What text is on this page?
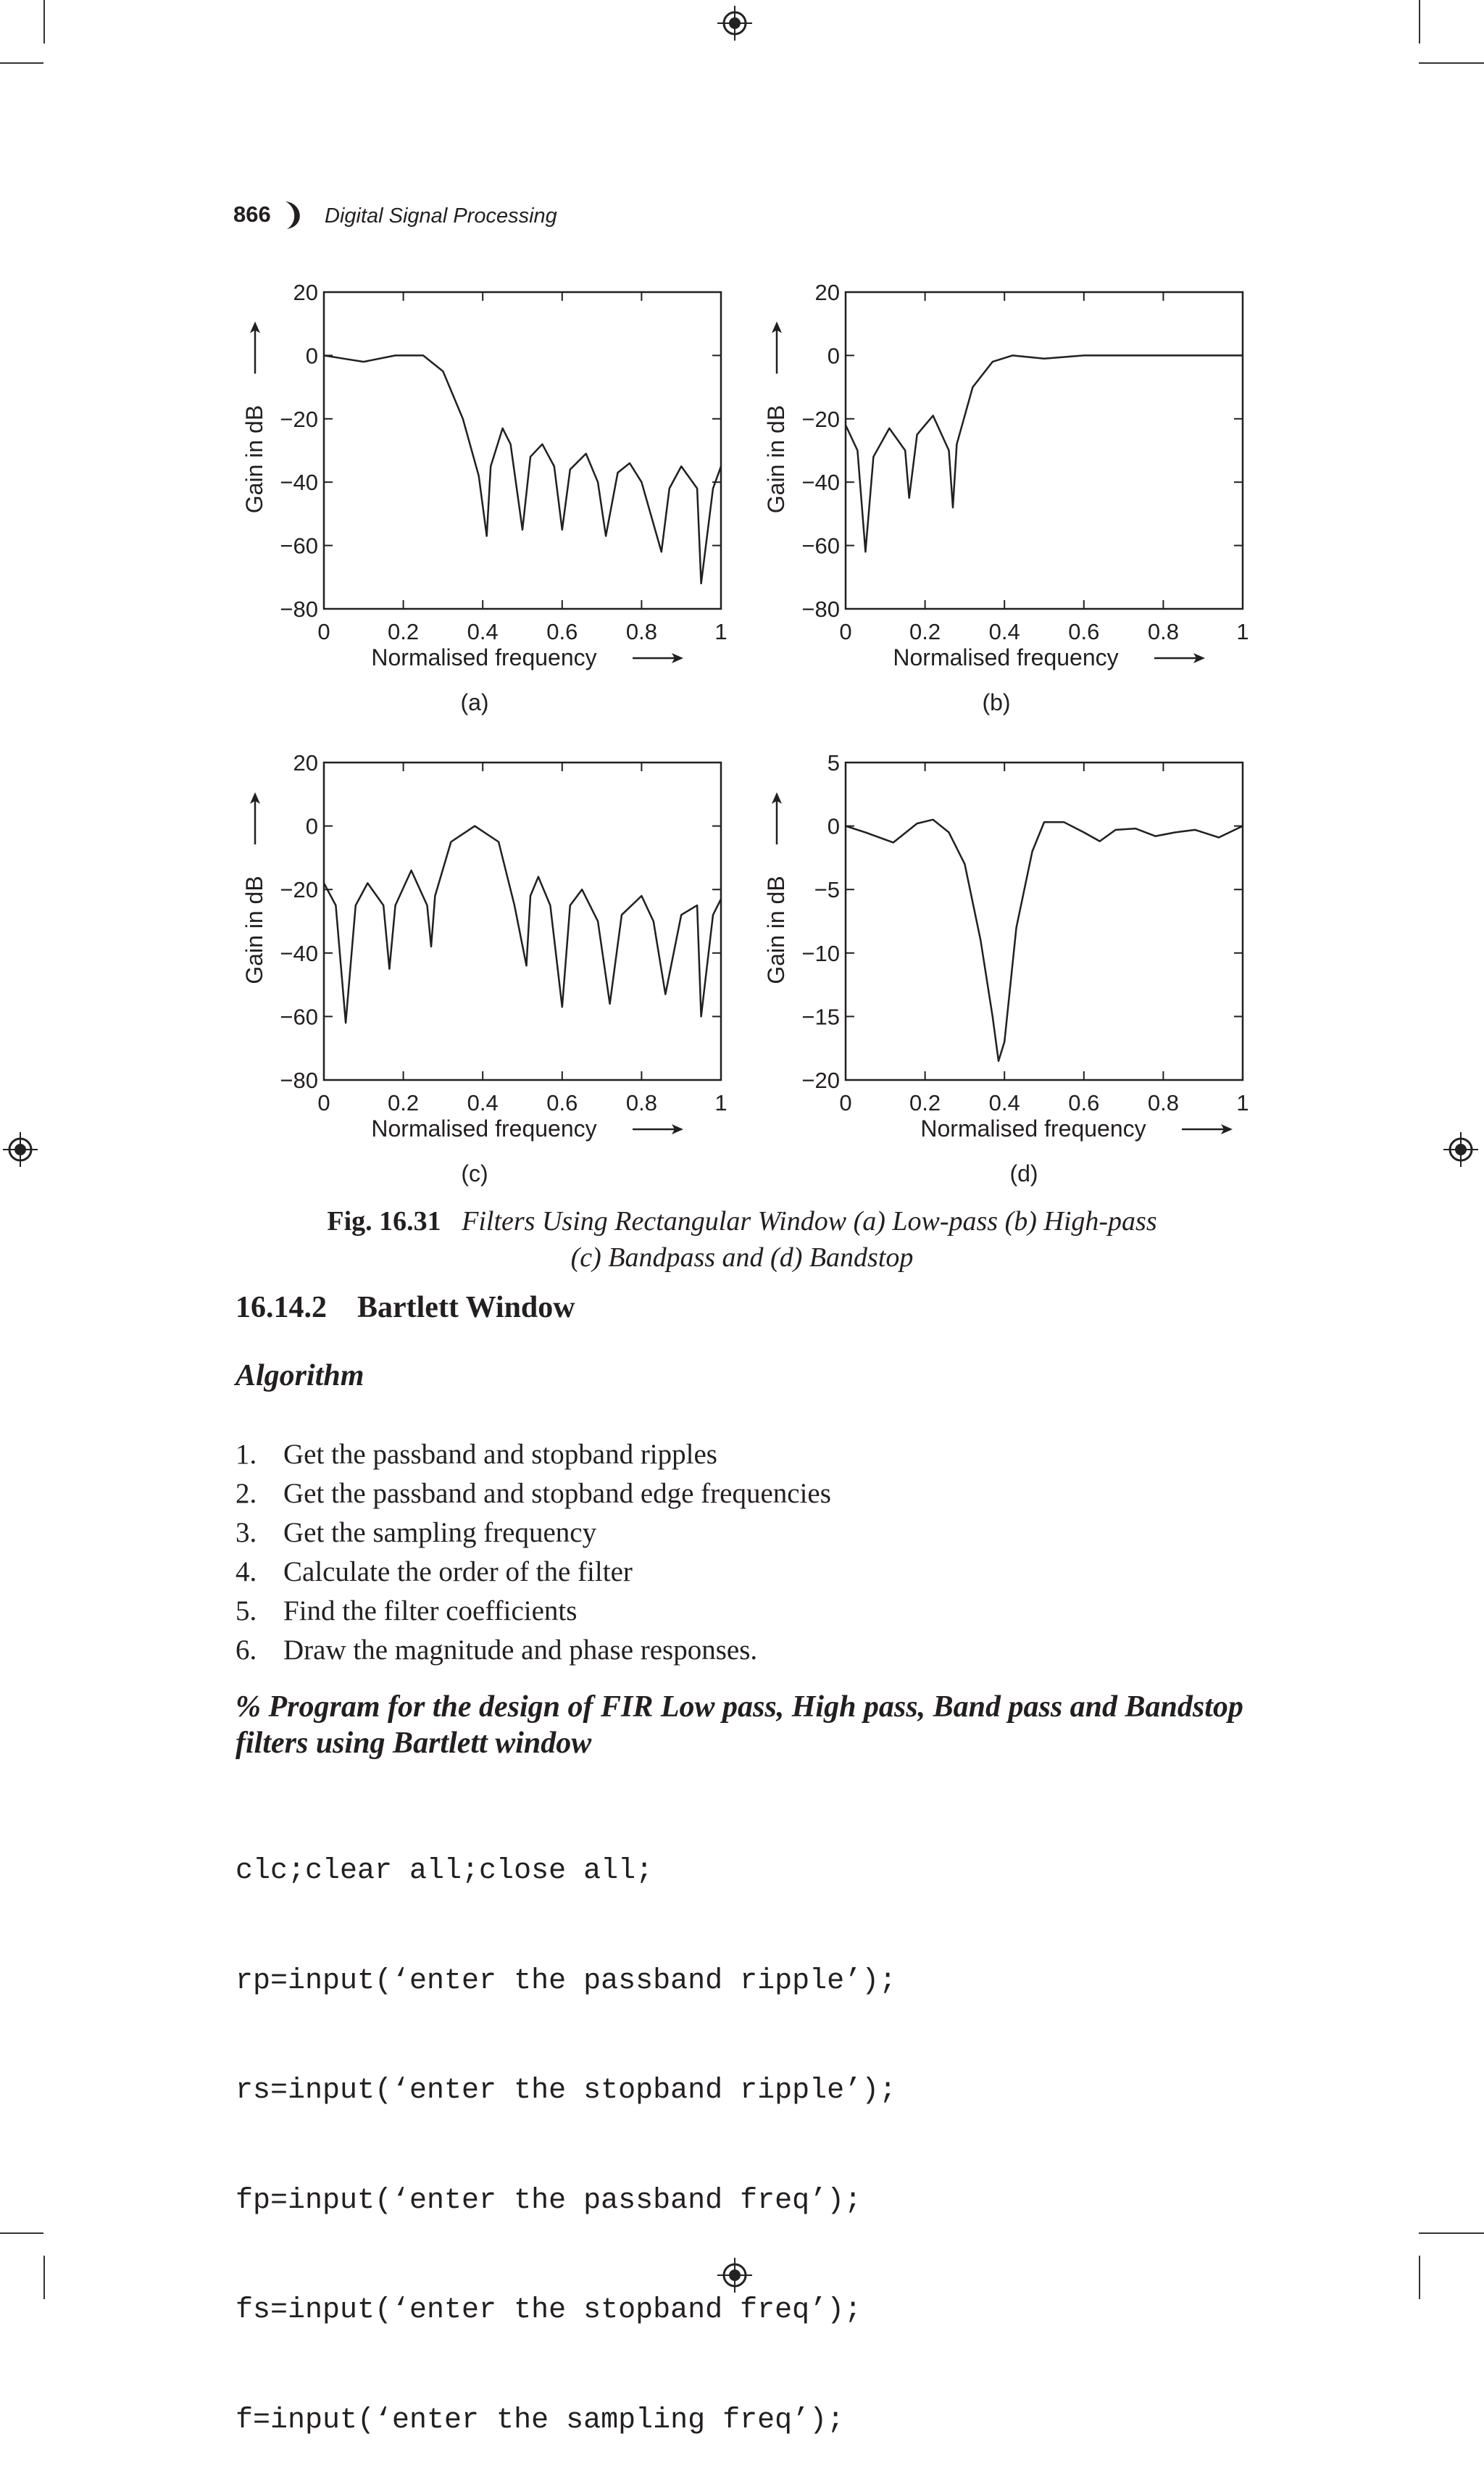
866	Digital Signal Processing
20
0
−20
−40
−60
−80
0	0.2 0.4 0.6 0.8	1
Normalised frequency
Gain in dB
(a)
20
0
−20
−40
−60
−80
0	0.2 0.4 0.6 0.8	1
Normalised frequency
Gain in dB
(b)
20
0
−20
−40
−60
−80
0	0.2 0.4 0.6 0.8	1
Normalised frequency
Gain in dB
(c)
5
0
−5
−10
−15
−20
0	0.2 0.4 0.6 0.8	1
Normalised frequency
Gain in dB
(d)
Fig. 16.31 Filters Using Rectangular Window (a) Low-pass (b) High-pass
(c) Bandpass and (d) Bandstop
16.14.2 Bartlett Window
Algorithm
1. Get the passband and stopband ripples
2. Get the passband and stopband edge frequencies
3. Get the sampling frequency
4. Calculate the order of the filter
5. Find the filter coefficients
6. Draw the magnitude and phase responses.
% Program for the design of FIR Low pass, High pass, Band pass and Bandstop filters using Bartlett window

clc;clear all;close all;

rp=input(‘enter the passband ripple’);

rs=input(‘enter the stopband ripple’);

fp=input(‘enter the passband freq’);

fs=input(‘enter the stopband freq’);

f=input(‘enter the sampling freq’);
